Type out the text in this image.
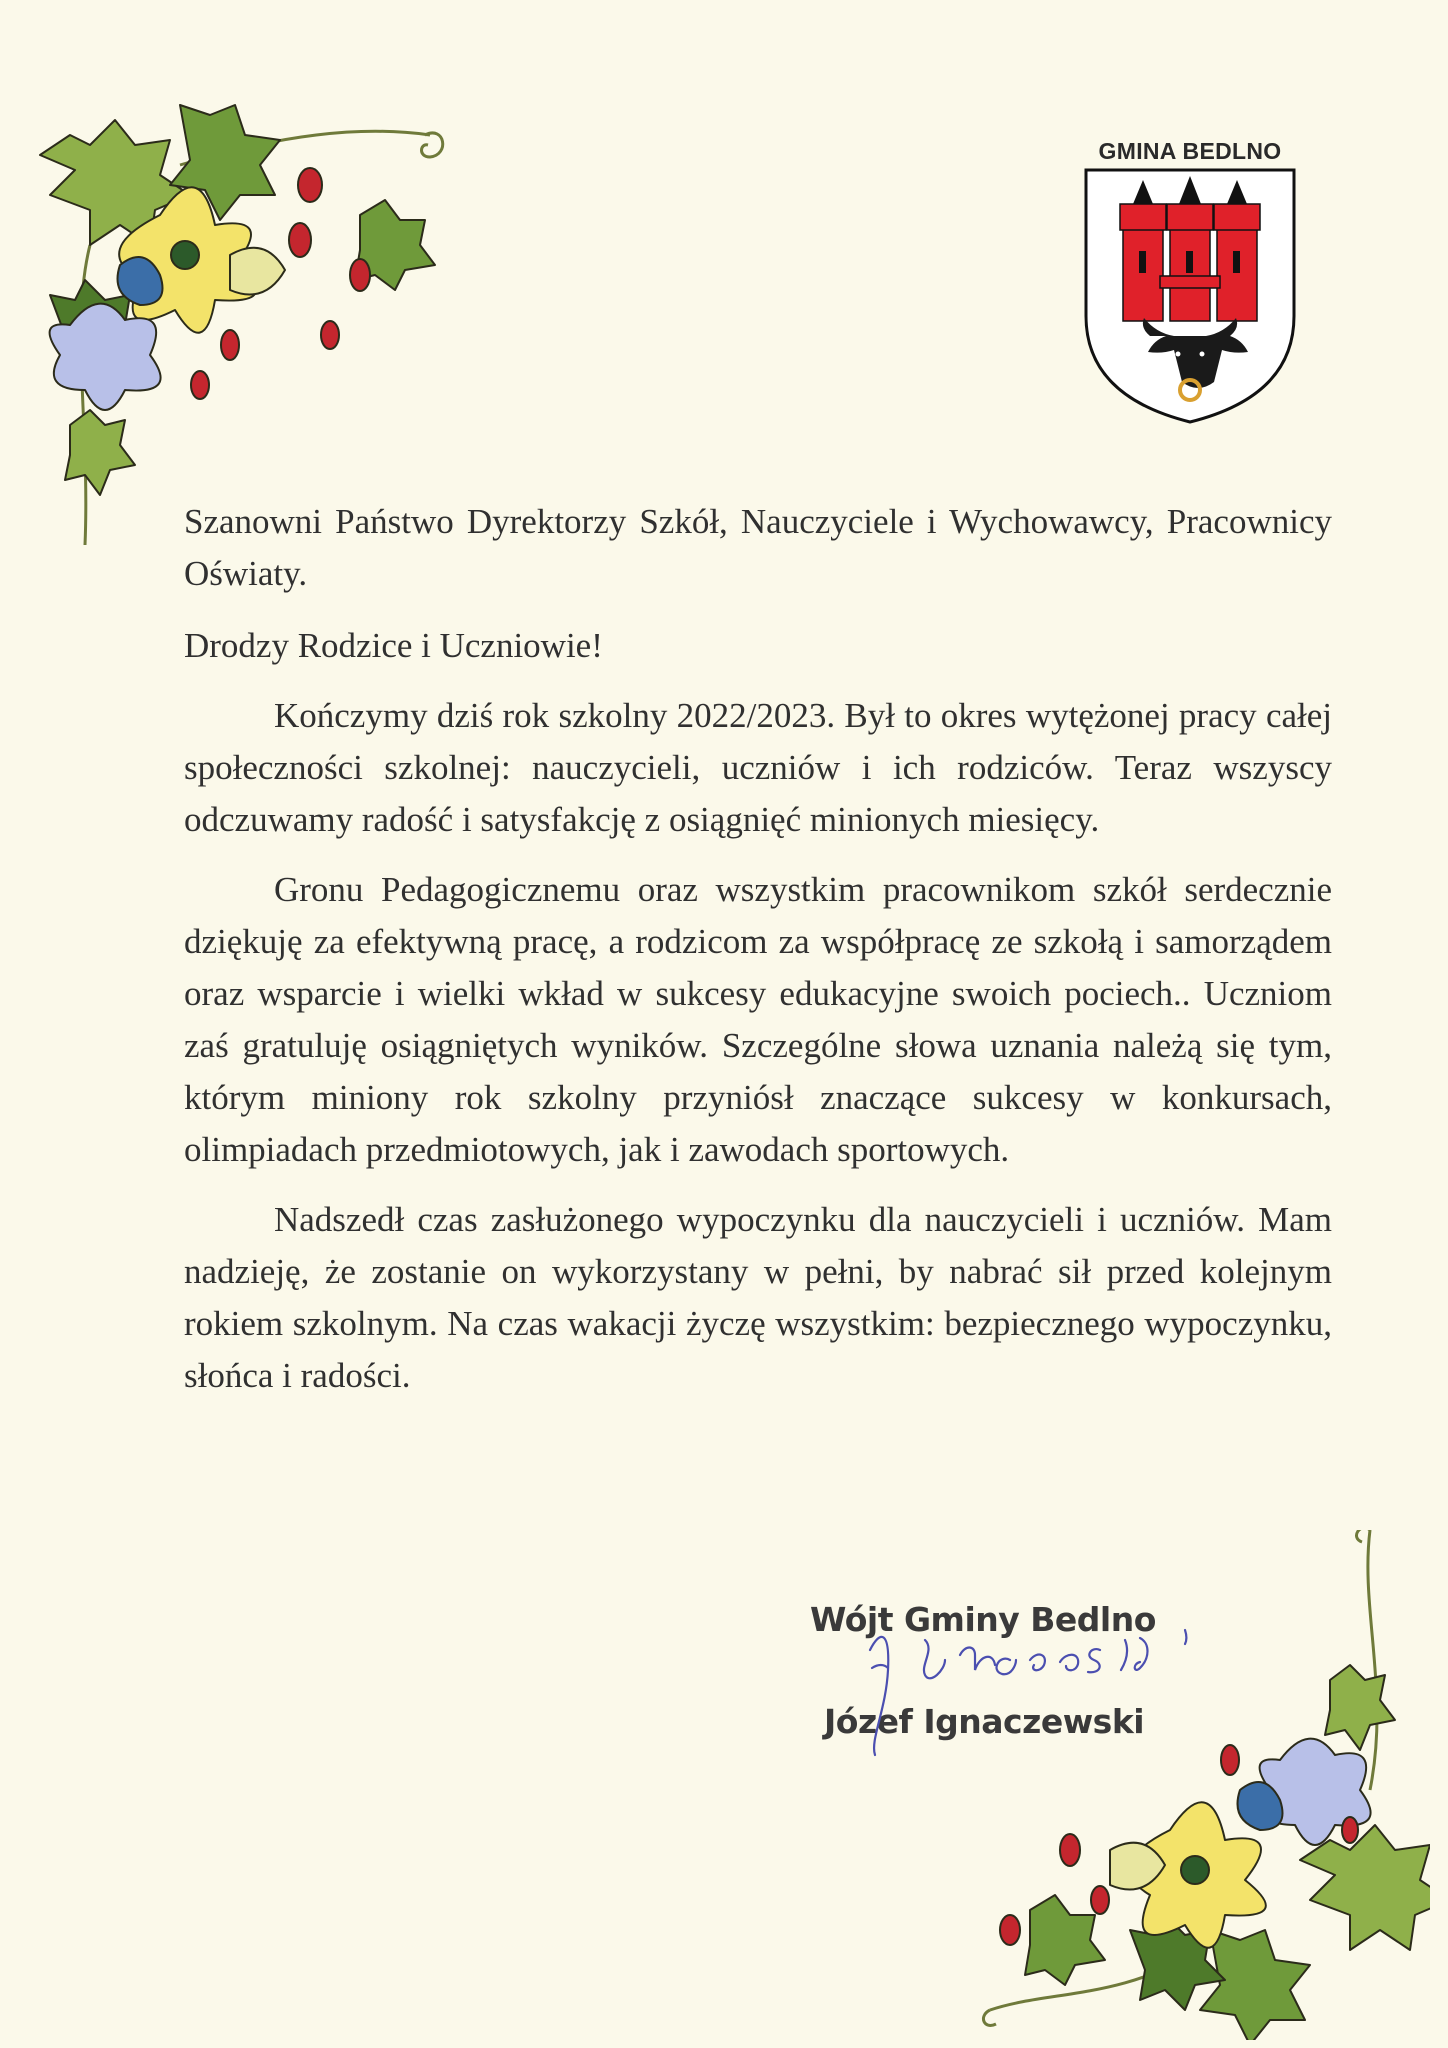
GMINA BEDLNO

Szanowni Państwo Dyrektorzy Szkół, Nauczyciele i Wychowawcy, Pracownicy Oświaty.

Drodzy Rodzice i Uczniowie!

Kończymy dziś rok szkolny 2022/2023. Był to okres wytężonej pracy całej społeczności szkolnej: nauczycieli, uczniów i ich rodziców. Teraz wszyscy odczuwamy radość i satysfakcję z osiągnięć minionych miesięcy.

Gronu Pedagogicznemu oraz wszystkim pracownikom szkół serdecznie dziękuję za efektywną pracę, a rodzicom za współpracę ze szkołą i samorządem oraz wsparcie i wielki wkład w sukcesy edukacyjne swoich pociech.. Uczniom zaś gratuluję osiągniętych wyników. Szczególne słowa uznania należą się tym, którym miniony rok szkolny przyniósł znaczące sukcesy w konkursach, olimpiadach przedmiotowych, jak i zawodach sportowych.

Nadszedł czas zasłużonego wypoczynku dla nauczycieli i uczniów. Mam nadzieję, że zostanie on wykorzystany w pełni, by nabrać sił przed kolejnym rokiem szkolnym. Na czas wakacji życzę wszystkim: bezpiecznego wypoczynku, słońca i radości.

Wójt Gminy Bedlno
Józef Ignaczewski
